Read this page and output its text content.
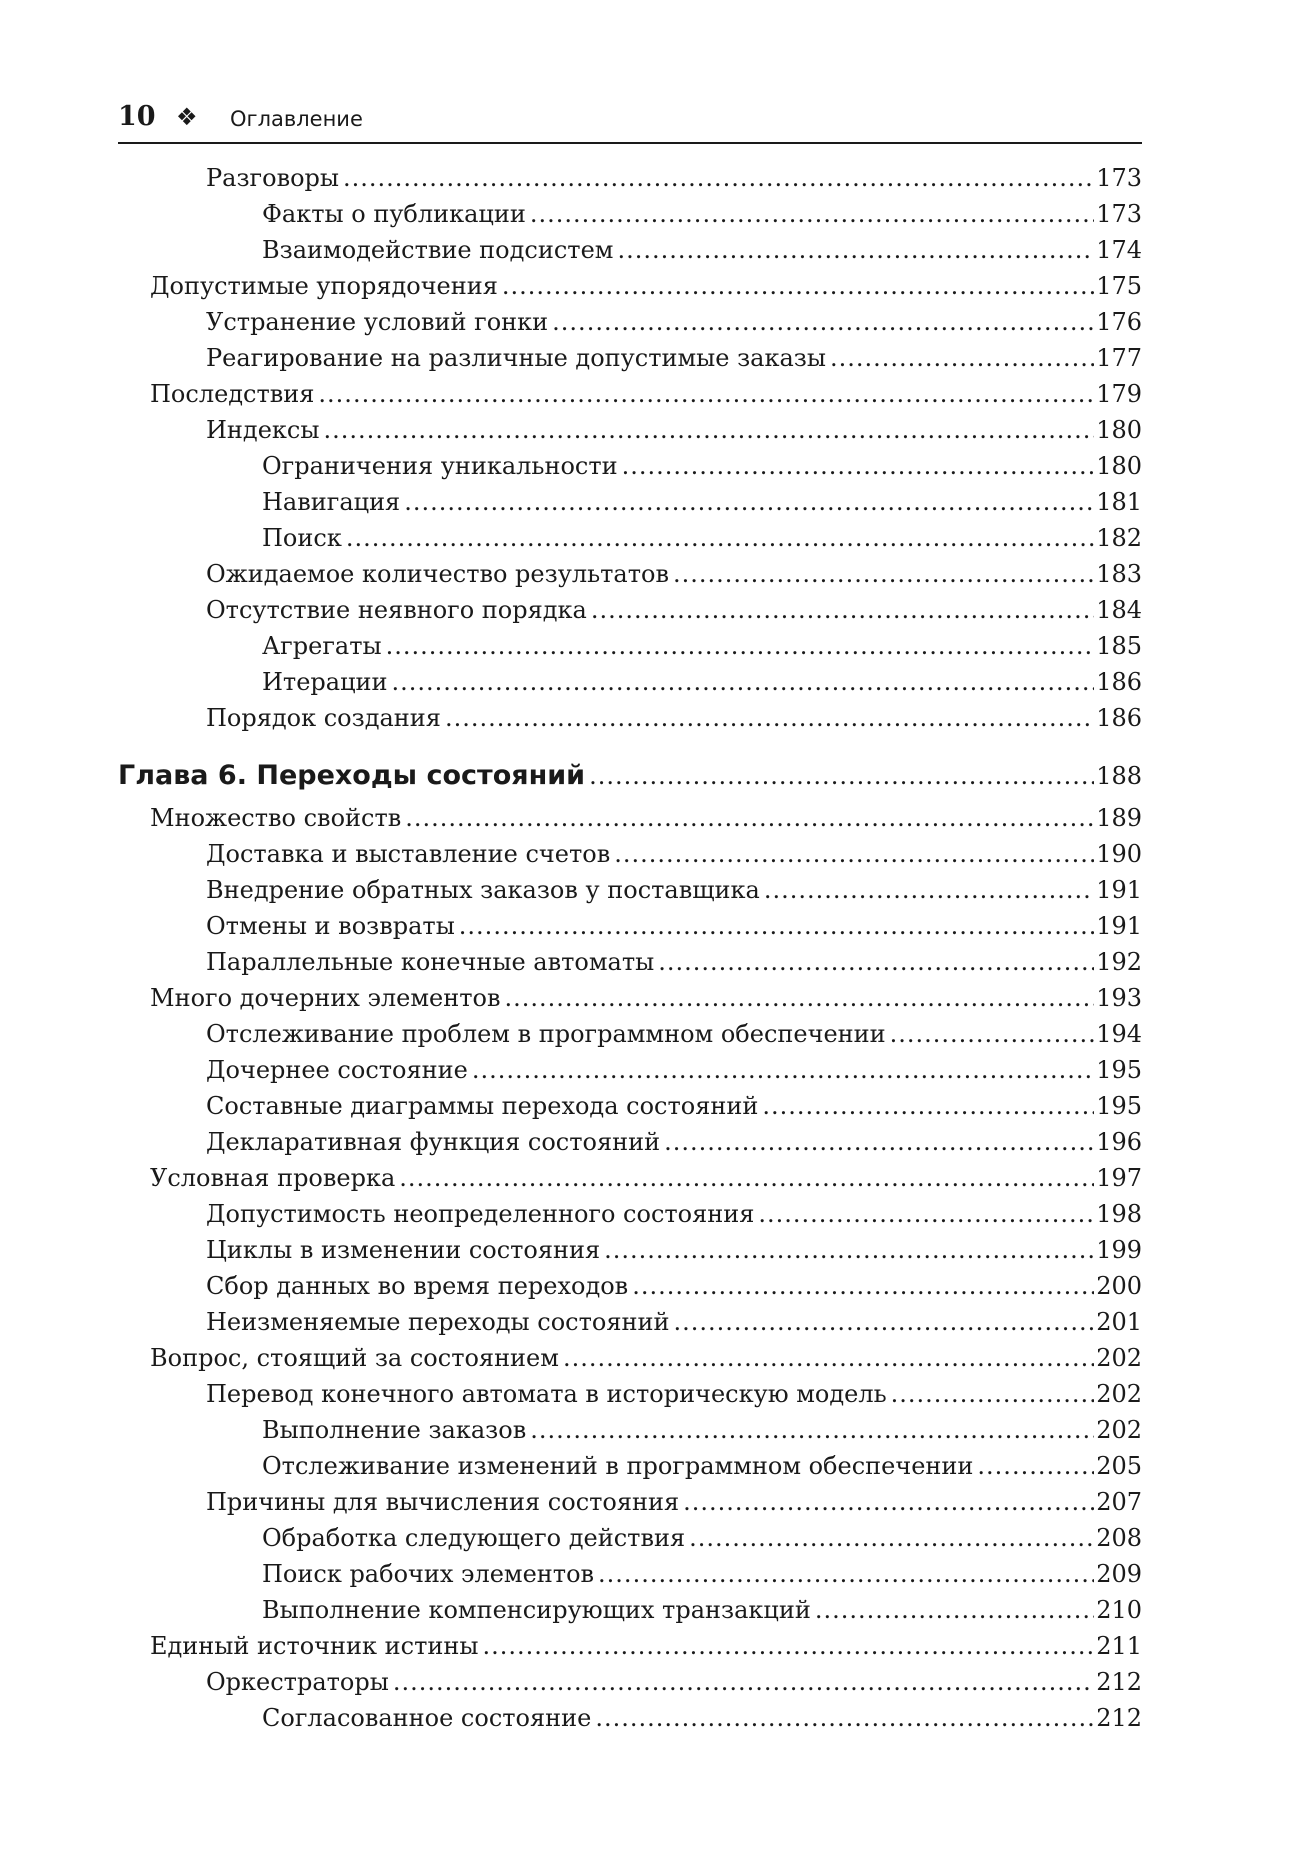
10 ❖ Оглавление
Разговоры .....	173
Факты о публикации .....	173
Взаимодействие подсистем .....	174
Допустимые упорядочения .....	175
Устранение условий гонки .....	176
Реагирование на различные допустимые заказы .....	177
Последствия .....	179
Индексы .....	180
Ограничения уникальности .....	180
Навигация .....	181
Поиск .....	182
Ожидаемое количество результатов .....	183
Отсутствие неявного порядка .....	184
Агрегаты .....	185
Итерации .....	186
Порядок создания .....	186
Глава 6. Переходы состояний .....	188
Множество свойств .....	189
Доставка и выставление счетов .....	190
Внедрение обратных заказов у поставщика .....	191
Отмены и возвраты .....	191
Параллельные конечные автоматы .....	192
Много дочерних элементов .....	193
Отслеживание проблем в программном обеспечении .....	194
Дочернее состояние .....	195
Составные диаграммы перехода состояний .....	195
Декларативная функция состояний .....	196
Условная проверка .....	197
Допустимость неопределенного состояния .....	198
Циклы в изменении состояния .....	199
Сбор данных во время переходов .....	200
Неизменяемые переходы состояний .....	201
Вопрос, стоящий за состоянием .....	202
Перевод конечного автомата в историческую модель .....	202
Выполнение заказов .....	202
Отслеживание изменений в программном обеспечении .....	205
Причины для вычисления состояния .....	207
Обработка следующего действия .....	208
Поиск рабочих элементов .....	209
Выполнение компенсирующих транзакций .....	210
Единый источник истины .....	211
Оркестраторы .....	212
Согласованное состояние .....	212
